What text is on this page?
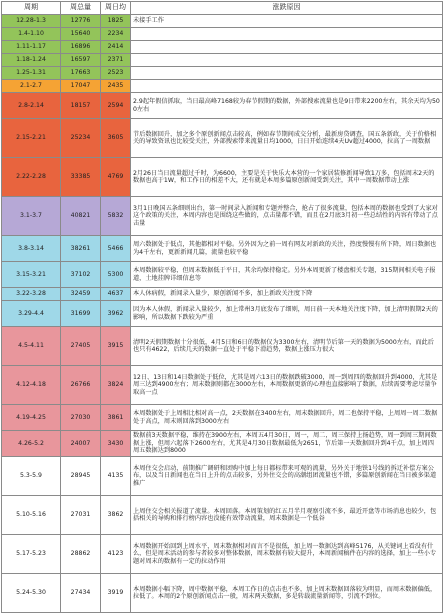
周期	周总量	周日均	涨跌原因
12.28-1.3	12776	1825	未接手工作
1.4-1.10	15640	2234	
1.11-1.17	16896	2414	
1.18-1.24	16597	2371	
1.25-1.31	17663	2523	
2.1-2.7	17047	2435	
2.8-2.14	18157	2594	2.9起年假信抓取，当日最高峰7168较为春节假期的数据，外部搜索流量也是9日带来2200左右，其余天均为500左右
2.15-2.21	25234	3605	节后数据回升，加之多个原创新闻点击较高，例如春节期间成交分析，最新房贷调查，国五条新政，关于价格相关的导致资讯也比较受关注，外部搜索带来流量日均1000，日日开始连续4天Uv超过4000，拉高了一周数据
2.22-2.28	33385	4769	2月26日当日流量超过千时，为6600，主要是关于快乐大本营的一个家居装修新闻导致1万多，包括周末2天的数据也高于1W，和工作日的相差不大，还有就是本周多篇原创新闻受到关注，其中一周数据带动上涨
3.1-3.7	40821	5832	3月1日晚国五条细则出台，第一时间录入新闻和专题并整合，抢占了很多流量，包括本周的数据也受到了大家对这个政策的关注，本周内容也是围绕这些做的，点击量都不错，而且在2月底3月初一些总结性的内容有带动了点击量
3.8-3.14	38261	5466	周六数据处于低点，其他都相对平稳。另外因为之前一周有网友对新政的关注，热度慢慢有所下降，周日数据也为4千左右，更新新闻几篇，流量也较平稳
3.15-3.21	37102	5300	本周数据较平稳，但周末数据低于平日，其余均保持稳定。另外本周更新了楼盘相关专题，315期间相关电子报道，土地挂牌详细信息等
3.22-3.28	32459	4637	本人休病假，新闻录入量少，原创新闻不多，加上新政关注度下降
3.29-4.4	31699	3962	因为本人休假，新闻录入量较少，加上常州3月底发布了细则，周日前一天本地关注度下降，加上清明假期2天的影响，所以数据下跌较为严重
4.5-4.11	27405	3915	清明2天假期数据十分很低，4月5日和6日的数据仅为3300左右，清明节后第一天的数据为5000左右，而此后也只有4622，后续几天的数据一直处于平稳下滑趋势，数据上涨压力很大
4.12-4.18	26766	3824	12日、13日和14日数据处于低位，尤其是周六13日的数据跌破3000，周一到周四的数据回升到4000，尤其是周三达到4900左右；周末数据则都在3000左右，本周数据更新的心理也直接影响了数据，后续需要考虑尽量争取高一点
4.19-4.25	27030	3861	本周数据处于上周相比相对高一点，2天数据在3400左右，周末数据回升，周二也保持平稳，上周周一周二数据处于高点，周末则回落到3000左右
4.26-5.2	24007	3430	数据前3天数据平稳，维持在3900左右，本周五4月30日，周一，周二，周三保持上扬趋势，周一到周三期间数据上涨，但周六起落下2600左右，尤其是4月30日数据最低为2651，节后第一天数据回升到4千点，加上周四周五数据达到8000
5.3-5.9	28945	4135	本周住交会启动，前期推广调研和团购中加上每日都标带来可观的流量，另外关于地铁1号线的拆迁补偿方案公布，以及当日新闻也在当日上升的点击较多，另外住交会的高潮组团流量也不错，多篇原创新闻在当日被多渠道推广
5.10-5.16	27031	3862	上周住交会相关报道了流量。本周回落。本周策划的红五月半月观察引流不多，最近开盘等市场消息也较少，包括相关的导购和排行榜内容也没能有效带动流量，周末数据是一个低谷
5.17-5.23	28862	4123	本周数据开始回到上周水平，周末数据相对而言不是很低，加上周一数据达到高峰5176，从关键词上看没有什么，但是周末活动的参与者较多对整体数据，周末数据有较大提升，本周新闻稿件在内容的选择，加上一些小专题对周末的数据有一定的拉动作用
5.24-5.30	27434	3919	本周数据小幅下降，周中数据平稳，本周工作日的点击也不多，加上周末数据回落较为明显，而周末数据偏低，拉低了。本周的2个原创新闻点击一般，周末两天数据，多是转载流量新闻等，引流不到位。
